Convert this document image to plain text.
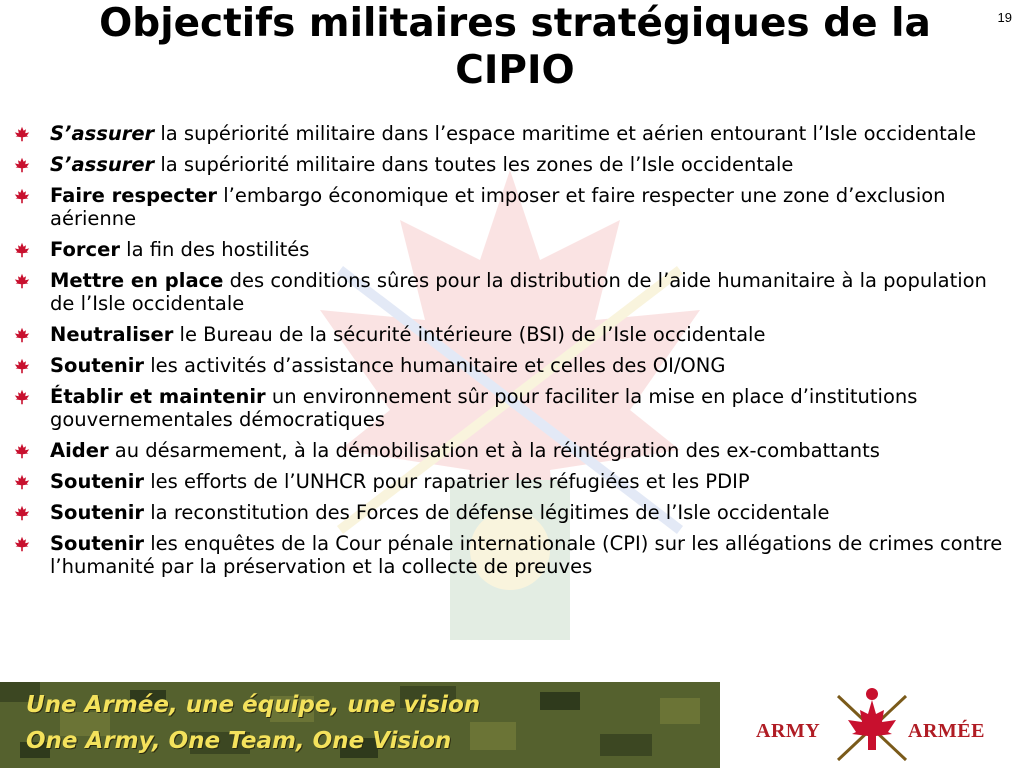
19
Objectifs militaires stratégiques de la CIPIO
S’assurer la supériorité militaire dans l’espace maritime et aérien entourant l’Isle occidentale
S’assurer la supériorité militaire dans toutes les zones de l’Isle occidentale
Faire respecter l’embargo économique et imposer et faire respecter une zone d’exclusion aérienne
Forcer la fin des hostilités
Mettre en place des conditions sûres pour la distribution de l’aide humanitaire à la population de l’Isle occidentale
Neutraliser le Bureau de la sécurité intérieure (BSI) de l’Isle occidentale
Soutenir les activités d’assistance humanitaire et celles des OI/ONG
Établir et maintenir un environnement sûr pour faciliter la mise en place d’institutions gouvernementales démocratiques
Aider au désarmement, à la démobilisation et à la réintégration des ex-combattants
Soutenir les efforts de l’UNHCR pour rapatrier les réfugiées et les PDIP
Soutenir la reconstitution des Forces de défense légitimes de l’Isle occidentale
Soutenir les enquêtes de la Cour pénale internationale (CPI) sur les allégations de crimes contre l’humanité par la préservation et la collecte de preuves
Une Armée, une équipe, une vision
One Army, One Team, One Vision	ARMY	ARMÉE
